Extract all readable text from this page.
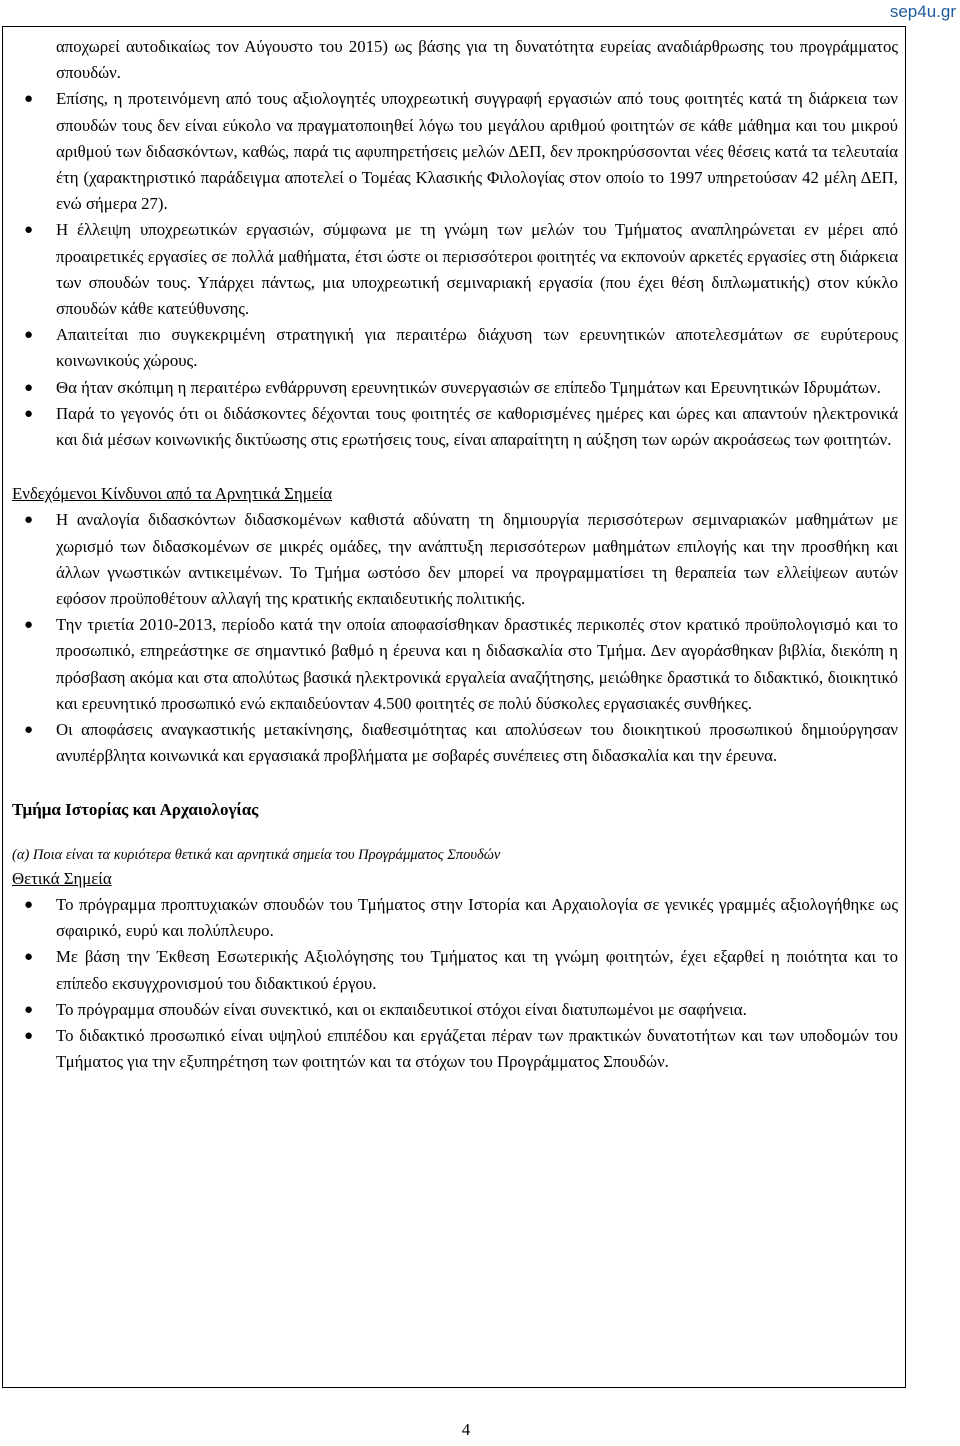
sep4u.gr

αποχωρεί αυτοδικαίως τον Αύγουστο του 2015) ως βάσης για τη δυνατότητα ευρείας αναδιάρθρωσης του προγράμματος σπουδών.

● Επίσης, η προτεινόμενη από τους αξιολογητές υποχρεωτική συγγραφή εργασιών από τους φοιτητές κατά τη διάρκεια των σπουδών τους δεν είναι εύκολο να πραγματοποιηθεί λόγω του μεγάλου αριθμού φοιτητών σε κάθε μάθημα και του μικρού αριθμού των διδασκόντων, καθώς, παρά τις αφυπηρετήσεις μελών ΔΕΠ, δεν προκηρύσσονται νέες θέσεις κατά τα τελευταία έτη (χαρακτηριστικό παράδειγμα αποτελεί ο Τομέας Κλασικής Φιλολογίας στον οποίο το 1997 υπηρετούσαν 42 μέλη ΔΕΠ, ενώ σήμερα 27).
● Η έλλειψη υποχρεωτικών εργασιών, σύμφωνα με τη γνώμη των μελών του Τμήματος αναπληρώνεται εν μέρει από προαιρετικές εργασίες σε πολλά μαθήματα, έτσι ώστε οι περισσότεροι φοιτητές να εκπονούν αρκετές εργασίες στη διάρκεια των σπουδών τους. Υπάρχει πάντως, μια υποχρεωτική σεμιναριακή εργασία (που έχει θέση διπλωματικής) στον κύκλο σπουδών κάθε κατεύθυνσης.
● Απαιτείται πιο συγκεκριμένη στρατηγική για περαιτέρω διάχυση των ερευνητικών αποτελεσμάτων σε ευρύτερους κοινωνικούς χώρους.
● Θα ήταν σκόπιμη η περαιτέρω ενθάρρυνση ερευνητικών συνεργασιών σε επίπεδο Τμημάτων και Ερευνητικών Ιδρυμάτων.
● Παρά το γεγονός ότι οι διδάσκοντες δέχονται τους φοιτητές σε καθορισμένες ημέρες και ώρες και απαντούν ηλεκτρονικά και διά μέσων κοινωνικής δικτύωσης στις ερωτήσεις τους, είναι απαραίτητη η αύξηση των ωρών ακροάσεως των φοιτητών.
Ενδεχόμενοι Κίνδυνοι από τα Αρνητικά Σημεία
● Η αναλογία διδασκόντων διδασκομένων καθιστά αδύνατη τη δημιουργία περισσότερων σεμιναριακών μαθημάτων με χωρισμό των διδασκομένων σε μικρές ομάδες, την ανάπτυξη περισσότερων μαθημάτων επιλογής και την προσθήκη και άλλων γνωστικών αντικειμένων. Το Τμήμα ωστόσο δεν μπορεί να προγραμματίσει τη θεραπεία των ελλείψεων αυτών εφόσον προϋποθέτουν αλλαγή της κρατικής εκπαιδευτικής πολιτικής.
● Την τριετία 2010-2013, περίοδο κατά την οποία αποφασίσθηκαν δραστικές περικοπές στον κρατικό προϋπολογισμό και το προσωπικό, επηρεάστηκε σε σημαντικό βαθμό η έρευνα και η διδασκαλία στο Τμήμα. Δεν αγοράσθηκαν βιβλία, διεκόπη η πρόσβαση ακόμα και στα απολύτως βασικά ηλεκτρονικά εργαλεία αναζήτησης, μειώθηκε δραστικά το διδακτικό, διοικητικό και ερευνητικό προσωπικό ενώ εκπαιδεύονταν 4.500 φοιτητές σε πολύ δύσκολες εργασιακές συνθήκες.
● Οι αποφάσεις αναγκαστικής μετακίνησης, διαθεσιμότητας και απολύσεων του διοικητικού προσωπικού δημιούργησαν ανυπέρβλητα κοινωνικά και εργασιακά προβλήματα με σοβαρές συνέπειες στη διδασκαλία και την έρευνα.
Τμήμα Ιστορίας και Αρχαιολογίας
(α) Ποια είναι τα κυριότερα θετικά και αρνητικά σημεία του Προγράμματος Σπουδών
Θετικά Σημεία
● Το πρόγραμμα προπτυχιακών σπουδών του Τμήματος στην Ιστορία και Αρχαιολογία σε γενικές γραμμές αξιολογήθηκε ως σφαιρικό, ευρύ και πολύπλευρο.
● Με βάση την Έκθεση Εσωτερικής Αξιολόγησης του Τμήματος και τη γνώμη φοιτητών, έχει εξαρθεί η ποιότητα και το επίπεδο εκσυγχρονισμού του διδακτικού έργου.
● Το πρόγραμμα σπουδών είναι συνεκτικό, και οι εκπαιδευτικοί στόχοι είναι διατυπωμένοι με σαφήνεια.
● Το διδακτικό προσωπικό είναι υψηλού επιπέδου και εργάζεται πέραν των πρακτικών δυνατοτήτων και των υποδομών του Τμήματος για την εξυπηρέτηση των φοιτητών και τα στόχων του Προγράμματος Σπουδών.
4
